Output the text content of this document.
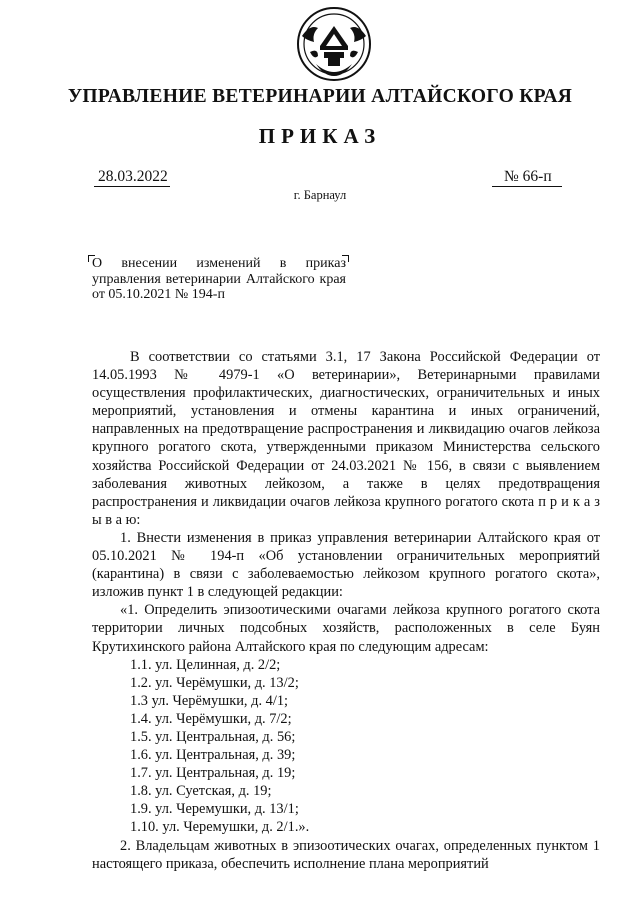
УПРАВЛЕНИЕ ВЕТЕРИНАРИИ АЛТАЙСКОГО КРАЯ
ПРИКАЗ
28.03.2022	№ 66-п
г. Барнаул
О внесении изменений в приказ управления ветеринарии Алтайского края от 05.10.2021 № 194-п

В соответствии со статьями 3.1, 17 Закона Российской Федерации от 14.05.1993 № 4979-1 «О ветеринарии», Ветеринарными правилами осуществления профилактических, диагностических, ограничительных и иных мероприятий, установления и отмены карантина и иных ограничений, направленных на предотвращение распространения и ликвидацию очагов лейкоза крупного рогатого скота, утвержденными приказом Министерства сельского хозяйства Российской Федерации от 24.03.2021 № 156, в связи с выявлением заболевания животных лейкозом, а также в целях предотвращения распространения и ликвидации очагов лейкоза крупного рогатого скота п р и к а з ы в а ю:

1. Внести изменения в приказ управления ветеринарии Алтайского края от 05.10.2021 № 194-п «Об установлении ограничительных мероприятий (карантина) в связи с заболеваемостью лейкозом крупного рогатого скота», изложив пункт 1 в следующей редакции:

«1. Определить эпизоотическими очагами лейкоза крупного рогатого скота территории личных подсобных хозяйств, расположенных в селе Буян Крутихинского района Алтайского края по следующим адресам:

1.1. ул. Целинная, д. 2/2;

1.2. ул. Черёмушки, д. 13/2;

1.3 ул. Черёмушки, д. 4/1;

1.4. ул. Черёмушки, д. 7/2;

1.5. ул. Центральная, д. 56;

1.6. ул. Центральная, д. 39;

1.7. ул. Центральная, д. 19;

1.8. ул. Суетская, д. 19;

1.9. ул. Черемушки, д. 13/1;

1.10. ул. Черемушки, д. 2/1.».

2. Владельцам животных в эпизоотических очагах, определенных пунктом 1 настоящего приказа, обеспечить исполнение плана мероприятий
